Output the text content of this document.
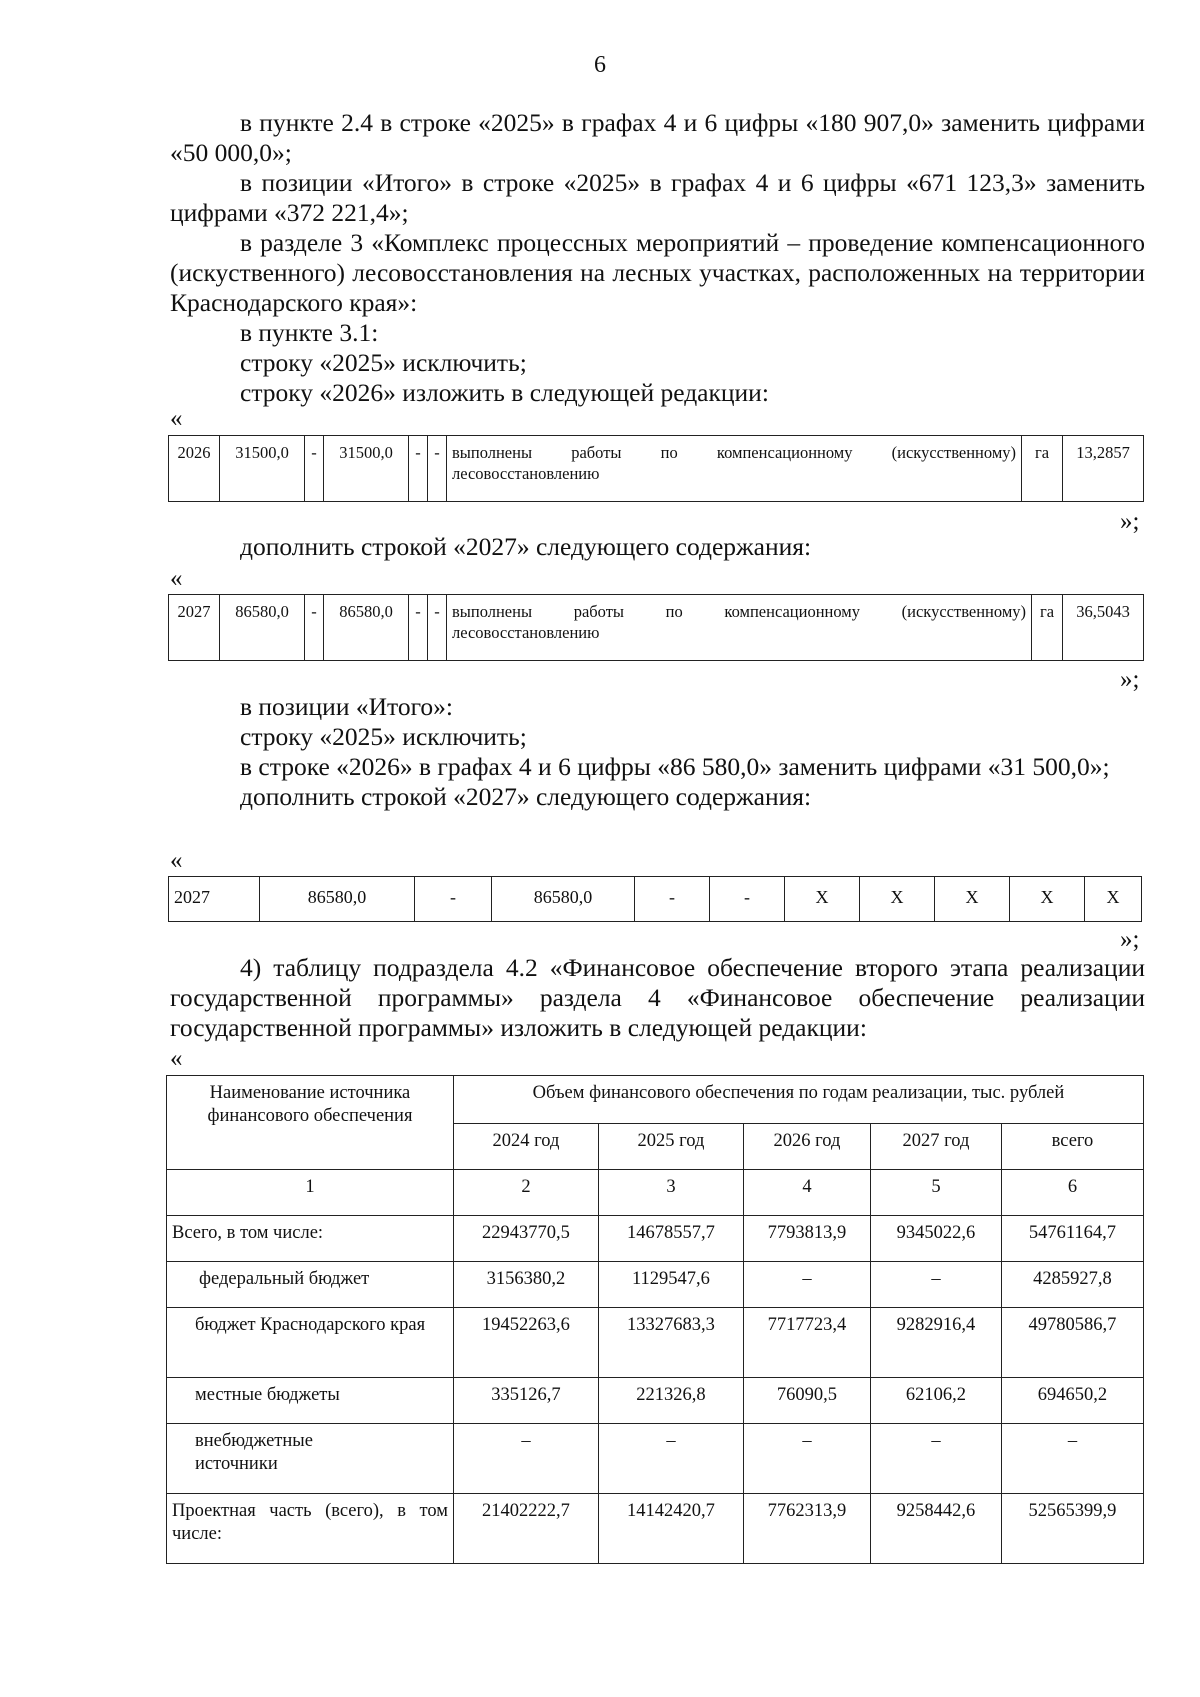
6
в пункте 2.4 в строке «2025» в графах 4 и 6 цифры «180 907,0» заменить цифрами «50 000,0»;
в позиции «Итого» в строке «2025» в графах 4 и 6 цифры «671 123,3» заменить цифрами «372 221,4»;
в разделе 3 «Комплекс процессных мероприятий – проведение компенсационного (искуственного) лесовосстановления на лесных участках, расположенных на территории Краснодарского края»:
в пункте 3.1:
строку «2025» исключить;
строку «2026» изложить в следующей редакции:
«
2026	31500,0	-	31500,0	-	-	выполнены работы по компенсационному (искусственному) лесовосстановлению	га	13,2857
»;
дополнить строкой «2027» следующего содержания:
«
2027	86580,0	-	86580,0	-	-	выполнены работы по компенсационному (искусственному) лесовосстановлению	га	36,5043
»;
в позиции «Итого»:
строку «2025» исключить;
в строке «2026» в графах 4 и 6 цифры «86 580,0» заменить цифрами «31 500,0»;
дополнить строкой «2027» следующего содержания:
«
2027	86580,0	-	86580,0	-	-	Х	Х	Х	Х	Х
»;
4) таблицу подраздела 4.2 «Финансовое обеспечение второго этапа реализации государственной программы» раздела 4 «Финансовое обеспечение реализации государственной программы» изложить в следующей редакции:
«
Наименование источника финансового обеспечения	Объем финансового обеспечения по годам реализации, тыс. рублей				
	2024 год	2025 год	2026 год	2027 год	всего
1	2	3	4	5	6
Всего, в том числе:	22943770,5	14678557,7	7793813,9	9345022,6	54761164,7
федеральный бюджет	3156380,2	1129547,6	–	–	4285927,8
бюджет Краснодарского края	19452263,6	13327683,3	7717723,4	9282916,4	49780586,7
местные бюджеты	335126,7	221326,8	76090,5	62106,2	694650,2
внебюджетные источники	–	–	–	–	–
Проектная часть (всего), в том числе:	21402222,7	14142420,7	7762313,9	9258442,6	52565399,9
